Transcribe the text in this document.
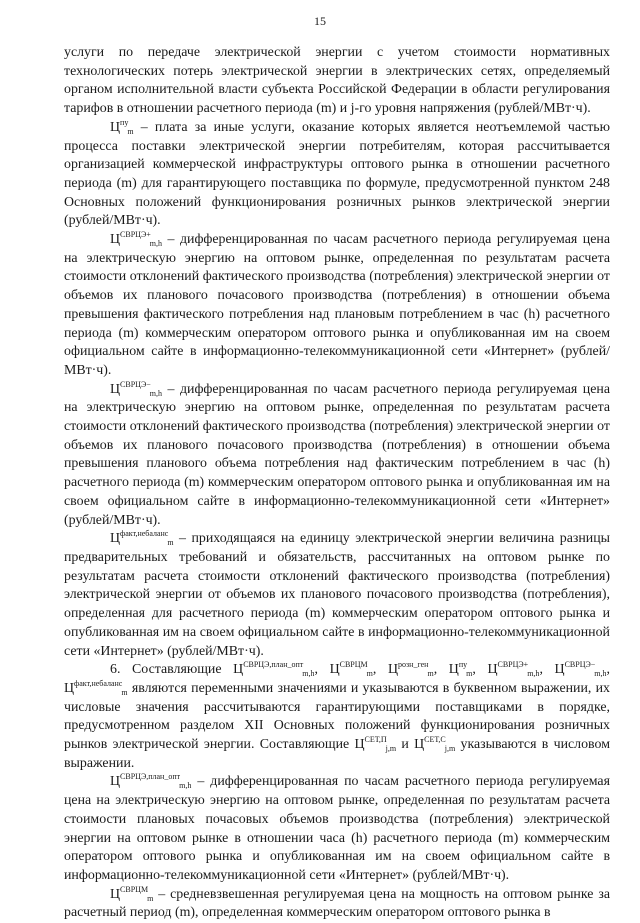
15

услуги по передаче электрической энергии с учетом стоимости нормативных технологических потерь электрической энергии в электрических сетях, определяемый органом исполнительной власти субъекта Российской Федерации в области регулирования тарифов в отношении расчетного периода (m) и j-го уровня напряжения (рублей/МВт·ч).

$Ц^{пу}_m$ – плата за иные услуги, оказание которых является неотъемлемой частью процесса поставки электрической энергии потребителям, которая рассчитывается организацией коммерческой инфраструктуры оптового рынка в отношении расчетного периода (m) для гарантирующего поставщика по формуле, предусмотренной пунктом 248 Основных положений функционирования розничных рынков электрической энергии (рублей/МВт·ч).

$Ц^{СВРЦЭ+}_{m,h}$ – дифференцированная по часам расчетного периода регулируемая цена на электрическую энергию на оптовом рынке, определенная по результатам расчета стоимости отклонений фактического производства (потребления) электрической энергии от объемов их планового почасового производства (потребления) в отношении объема превышения фактического потребления над плановым потреблением в час (h) расчетного периода (m) коммерческим оператором оптового рынка и опубликованная им на своем официальном сайте в информационно-телекоммуникационной сети «Интернет» (рублей/МВт·ч).

$Ц^{СВРЦЭ-}_{m,h}$ – дифференцированная по часам расчетного периода регулируемая цена на электрическую энергию на оптовом рынке, определенная по результатам расчета стоимости отклонений фактического производства (потребления) электрической энергии от объемов их планового почасового производства (потребления) в отношении объема превышения планового объема потребления над фактическим потреблением в час (h) расчетного периода (m) коммерческим оператором оптового рынка и опубликованная им на своем официальном сайте в информационно-телекоммуникационной сети «Интернет» (рублей/МВт·ч).

$Ц^{факт,небаланс}_m$ – приходящаяся на единицу электрической энергии величина разницы предварительных требований и обязательств, рассчитанных на оптовом рынке по результатам расчета стоимости отклонений фактического производства (потребления) электрической энергии от объемов их планового почасового производства (потребления), определенная для расчетного периода (m) коммерческим оператором оптового рынка и опубликованная им на своем официальном сайте в информационно-телекоммуникационной сети «Интернет» (рублей/МВт·ч).

6. Составляющие $Ц^{СВРЦЭ,план\_опт}_{m,h}$, $Ц^{СВРЦМ}_m$, $Ц^{розн\_ген}_m$, $Ц^{пу}_m$, $Ц^{СВРЦЭ+}_{m,h}$, $Ц^{СВРЦЭ-}_{m,h}$, $Ц^{факт,небаланс}_m$ являются переменными значениями и указываются в буквенном выражении, их числовые значения рассчитываются гарантирующими поставщиками в порядке, предусмотренном разделом XII Основных положений функционирования розничных рынков электрической энергии. Составляющие $Ц^{СЕТ,П}_{j,m}$ и $Ц^{СЕТ,С}_{j,m}$ указываются в числовом выражении.

$Ц^{СВРЦЭ,план\_опт}_{m,h}$ – дифференцированная по часам расчетного периода регулируемая цена на электрическую энергию на оптовом рынке, определенная по результатам расчета стоимости плановых почасовых объемов производства (потребления) электрической энергии на оптовом рынке в отношении часа (h) расчетного периода (m) коммерческим оператором оптового рынка и опубликованная им на своем официальном сайте в информационно-телекоммуникационной сети «Интернет» (рублей/МВт·ч).

$Ц^{СВРЦМ}_m$ – средневзвешенная регулируемая цена на мощность на оптовом рынке за расчетный период (m), определенная коммерческим оператором оптового рынка в
